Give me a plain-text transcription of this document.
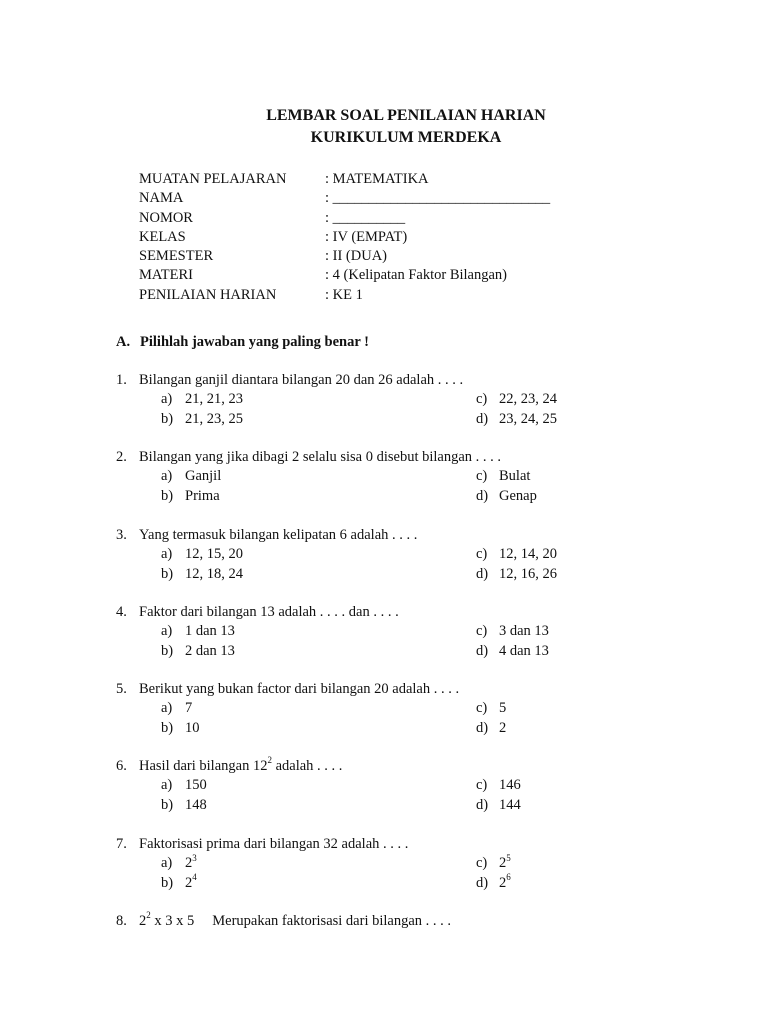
LEMBAR SOAL PENILAIAN HARIAN
KURIKULUM MERDEKA
MUATAN PELAJARAN	: MATEMATIKA
NAMA	: ______________________________
NOMOR	: __________
KELAS	: IV (EMPAT)
SEMESTER	: II (DUA)
MATERI	: 4 (Kelipatan Faktor Bilangan)
PENILAIAN HARIAN	: KE 1
A. Pilihlah jawaban yang paling benar !
1. Bilangan ganjil diantara bilangan 20 dan 26 adalah . . . .
a) 21, 21, 23	c) 22, 23, 24
b) 21, 23, 25	d) 23, 24, 25
2. Bilangan yang jika dibagi 2 selalu sisa 0 disebut bilangan . . . .
a) Ganjil	c) Bulat
b) Prima	d) Genap
3. Yang termasuk bilangan kelipatan 6 adalah . . . .
a) 12, 15, 20	c) 12, 14, 20
b) 12, 18, 24	d) 12, 16, 26
4. Faktor dari bilangan 13 adalah . . . . dan . . . .
a) 1 dan 13	c) 3 dan 13
b) 2 dan 13	d) 4 dan 13
5. Berikut yang bukan factor dari bilangan 20 adalah . . . .
a) 7	c) 5
b) 10	d) 2
6. Hasil dari bilangan $12^2$ adalah . . . .
a) 150	c) 146
b) 148	d) 144
7. Faktorisasi prima dari bilangan 32 adalah . . . .
a) $2^3$	c) $2^5$
b) $2^4$	d) $2^6$
8. $2^2$ x 3 x 5 Merupakan faktorisasi dari bilangan . . . .
